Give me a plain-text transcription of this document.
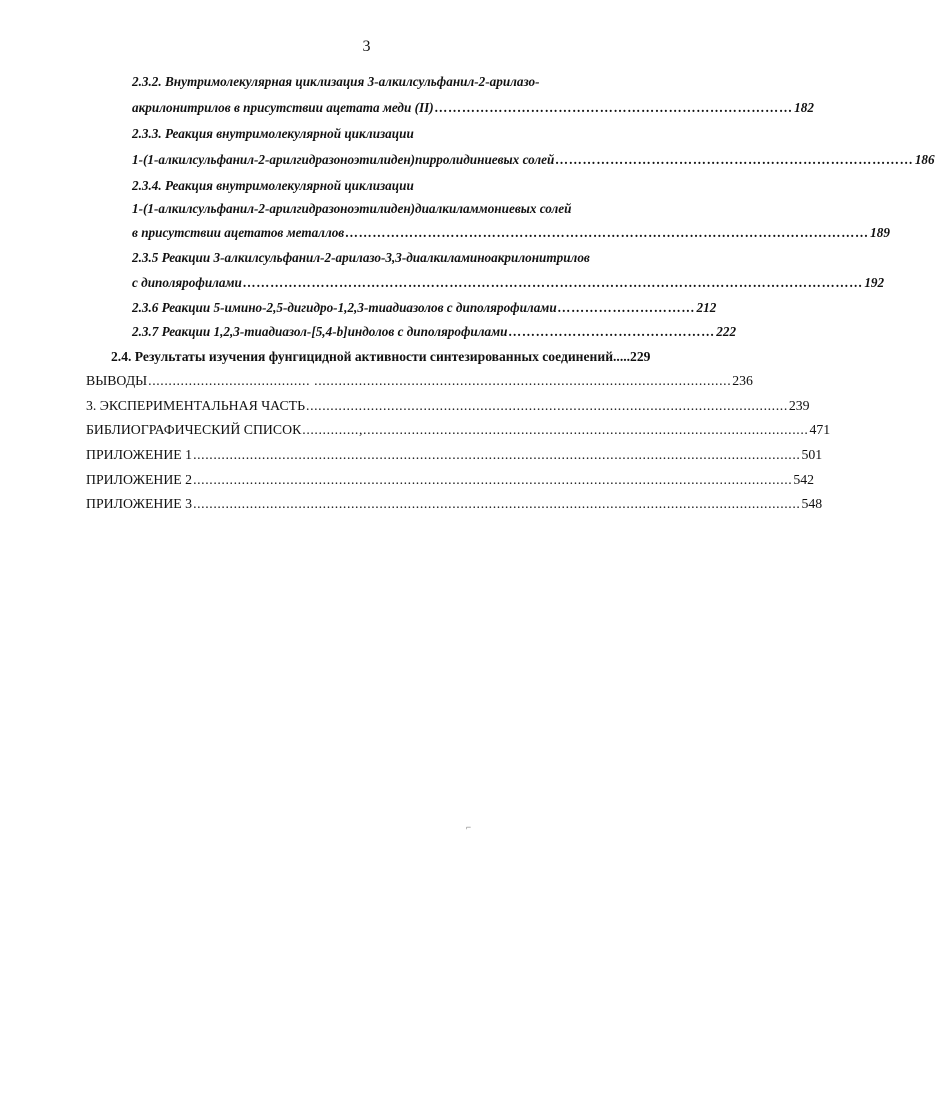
3
2.3.2. Внутримолекулярная циклизация 3-алкилсульфанил-2-арилазо-
акрилонитрилов в присутствии ацетата меди (II) …………………………………………………………………… 182
2.3.3. Реакция внутримолекулярной циклизации
1-(1-алкилсульфанил-2-арилгидразоноэтилиден)пирролидиниевых солей …………………………………………………………………… 186
2.3.4. Реакция внутримолекулярной циклизации
1-(1-алкилсульфанил-2-арилгидразоноэтилиден)диалкиламмониевых солей
в присутствии ацетатов металлов …………………………………………………………………………………………………… 189
2.3.5 Реакции 3-алкилсульфанил-2-арилазо-3,3-диалкиламиноакрилонитрилов
с диполярофилами ……………………………………………………………………………………………………………………… 192
2.3.6 Реакции 5-имино-2,5-дигидро-1,2,3-тиадиазолов с диполярофилами ………………………… 212
2.3.7 Реакции 1,2,3-тиадиазол-[5,4-b]индолов с диполярофилами ……………………………………… 222
2.4. Результаты изучения фунгицидной активности синтезированных соединений..... 229
ВЫВОДЫ ........................................ ....................................................................................................... 236
3. ЭКСПЕРИМЕНТАЛЬНАЯ ЧАСТЬ ....................................................................................................................... 239
БИБЛИОГРАФИЧЕСКИЙ СПИСОК ..............,.............................................................................................................. 471
ПРИЛОЖЕНИЕ 1 ...................................................................................................................................................... 501
ПРИЛОЖЕНИЕ 2 .................................................................................................................................................... 542
ПРИЛОЖЕНИЕ 3 ...................................................................................................................................................... 548
⌐
